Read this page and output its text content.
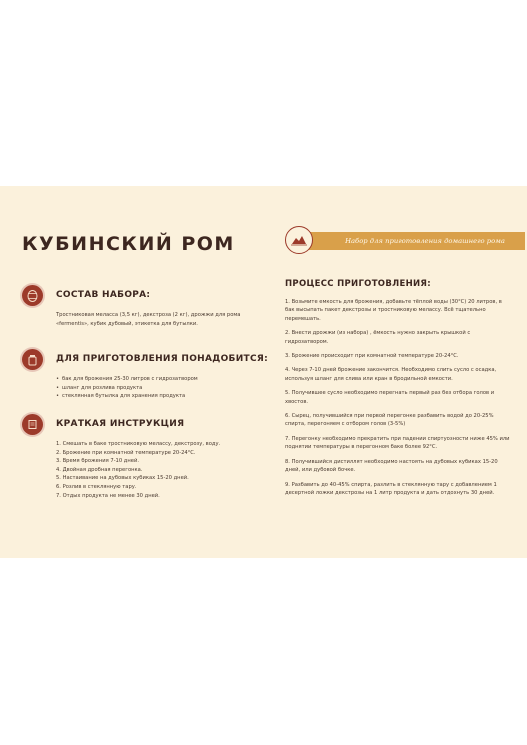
КУБИНСКИЙ РОМ
СОСТАВ НАБОРА:

Тростниковая меласса (3,5 кг), декстроза (2 кг), дрожжи для рома «fermentis», кубик дубовый, этикетка для бутылки.

ДЛЯ ПРИГОТОВЛЕНИЯ ПОНАДОБИТСЯ:
• бак для брожения 25-30 литров с гидрозатвором
• шланг для розлива продукта
• стеклянная бутылка для хранения продукта
КРАТКАЯ ИНСТРУКЦИЯ
1. Смешать в баке тростниковую мелассу, декстрозу, воду.
2. Брожение при комнатной температуре 20-24°C.
3. Время брожения 7-10 дней.
4. Двойная дробная перегонка.
5. Настаивание на дубовых кубиках 15-20 дней.
6. Розлив в стеклянную тару.
7. Отдых продукта не менее 30 дней.
Набор для приготовления домашнего рома
ПРОЦЕСС ПРИГОТОВЛЕНИЯ:
1. Возьмите емкость для брожения, добавьте тёплой воды (30°С) 20 литров, в бак высыпать пакет декстрозы и тростниковую мелассу. Всё тщательно перемешать.
2. Внести дрожжи (из набора) , ёмкость нужно закрыть крышкой с гидрозатвором.
3. Брожение происходит при комнатной температуре 20-24°С.
4. Через 7-10 дней брожение закончится. Необходимо слить сусло с осадка, используя шланг для слива или кран в бродильной емкости.
5. Получившее сусло необходимо перегнать первый раз без отбора голов и хвостов.
6. Сырец, получившийся при первой перегонке разбавить водой до 20-25% спирта, перегоняем с отбором голов (3-5%)
7. Перегонку необходимо прекратить при падении спиртуозности ниже 45% или поднятии температуры в перегонном баке более 92°С.
8. Получившийся дистиллят необходимо настоять на дубовых кубиках 15-20 дней, или дубовой бочке.
9. Разбавить до 40-45% спирта, разлить в стеклянную тару с добавлением 1 десертной ложки декстрозы на 1 литр продукта и дать отдохнуть 30 дней.
